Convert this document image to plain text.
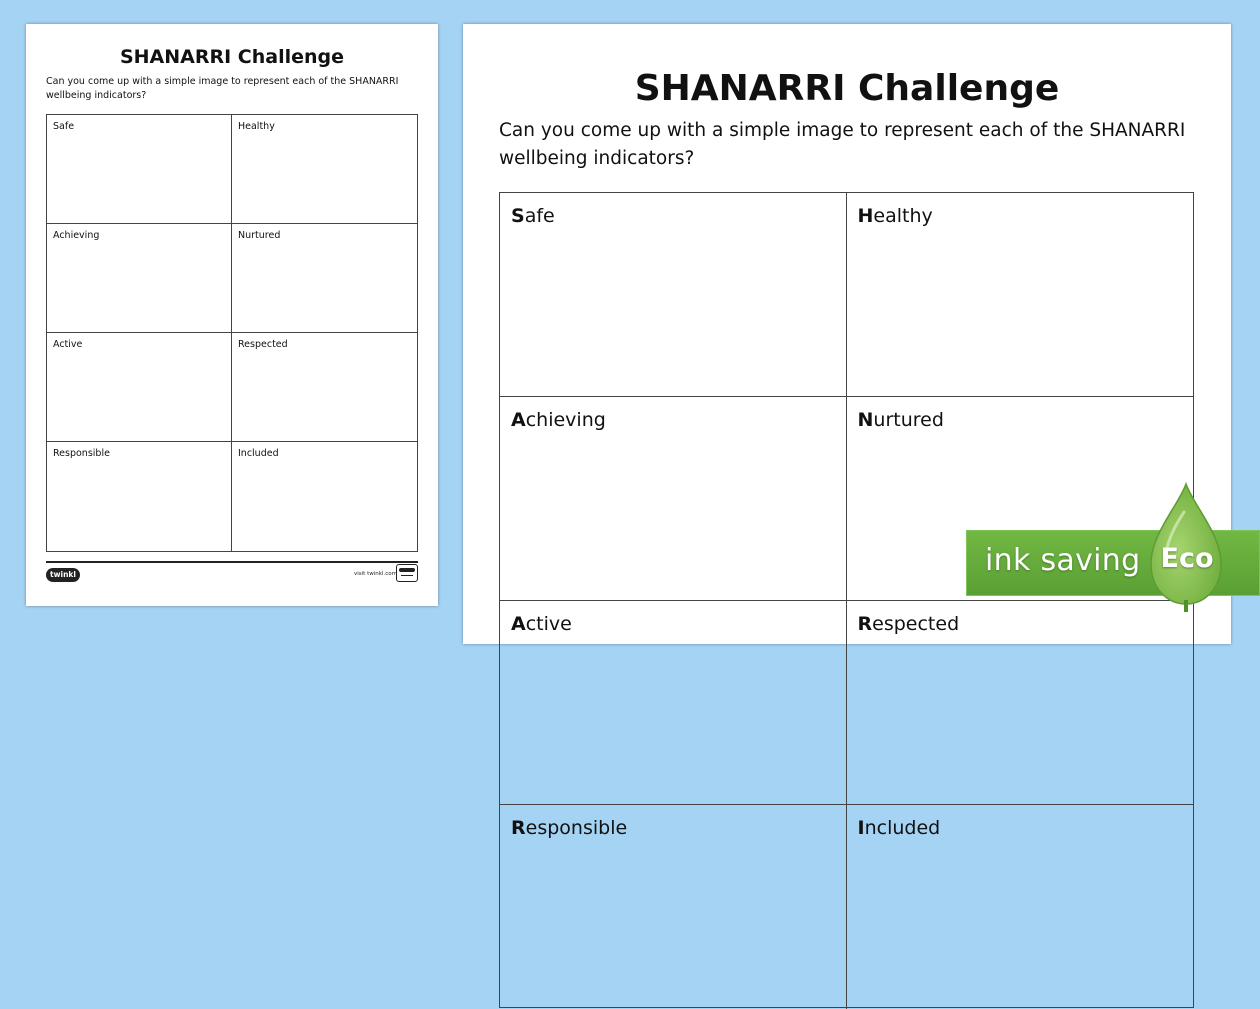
SHANARRI Challenge
Can you come up with a simple image to represent each of the SHANARRI wellbeing indicators?
Safe	Healthy
Achieving	Nurtured
Active	Respected
Responsible	Included
twinkl	visit twinkl.com
SHANARRI Challenge
Can you come up with a simple image to represent each of the SHANARRI wellbeing indicators?
Safe	Healthy
Achieving	Nurtured
Active	Respected
Responsible	Included
ink saving Eco
